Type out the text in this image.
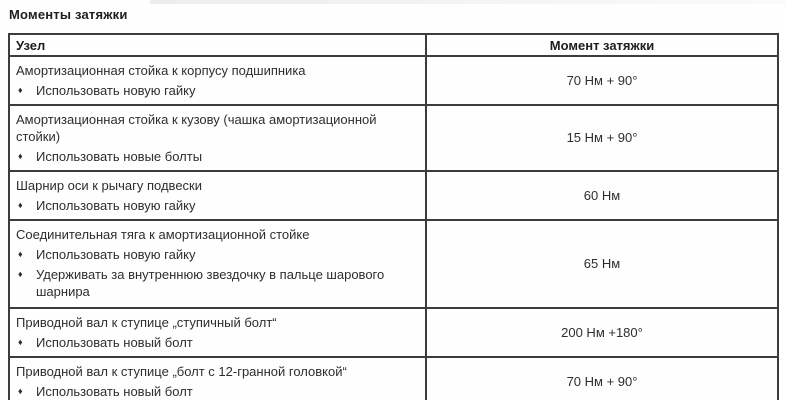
Моменты затяжки
Узел	Момент затяжки

Амортизационная стойка к корпусу подшипника
♦ Использовать новую гайку	70 Нм + 90°

Амортизационная стойка к кузову (чашка амортизационной стойки)
♦ Использовать новые болты	15 Нм + 90°

Шарнир оси к рычагу подвески
♦ Использовать новую гайку	60 Нм

Соединительная тяга к амортизационной стойке
♦ Использовать новую гайку
♦ Удерживать за внутреннюю звездочку в пальце шарового шарнира	65 Нм

Приводной вал к ступице „ступичный болт“
♦ Использовать новый болт	200 Нм +180°

Приводной вал к ступице „болт с 12-гранной головкой“
♦ Использовать новый болт	70 Нм + 90°
